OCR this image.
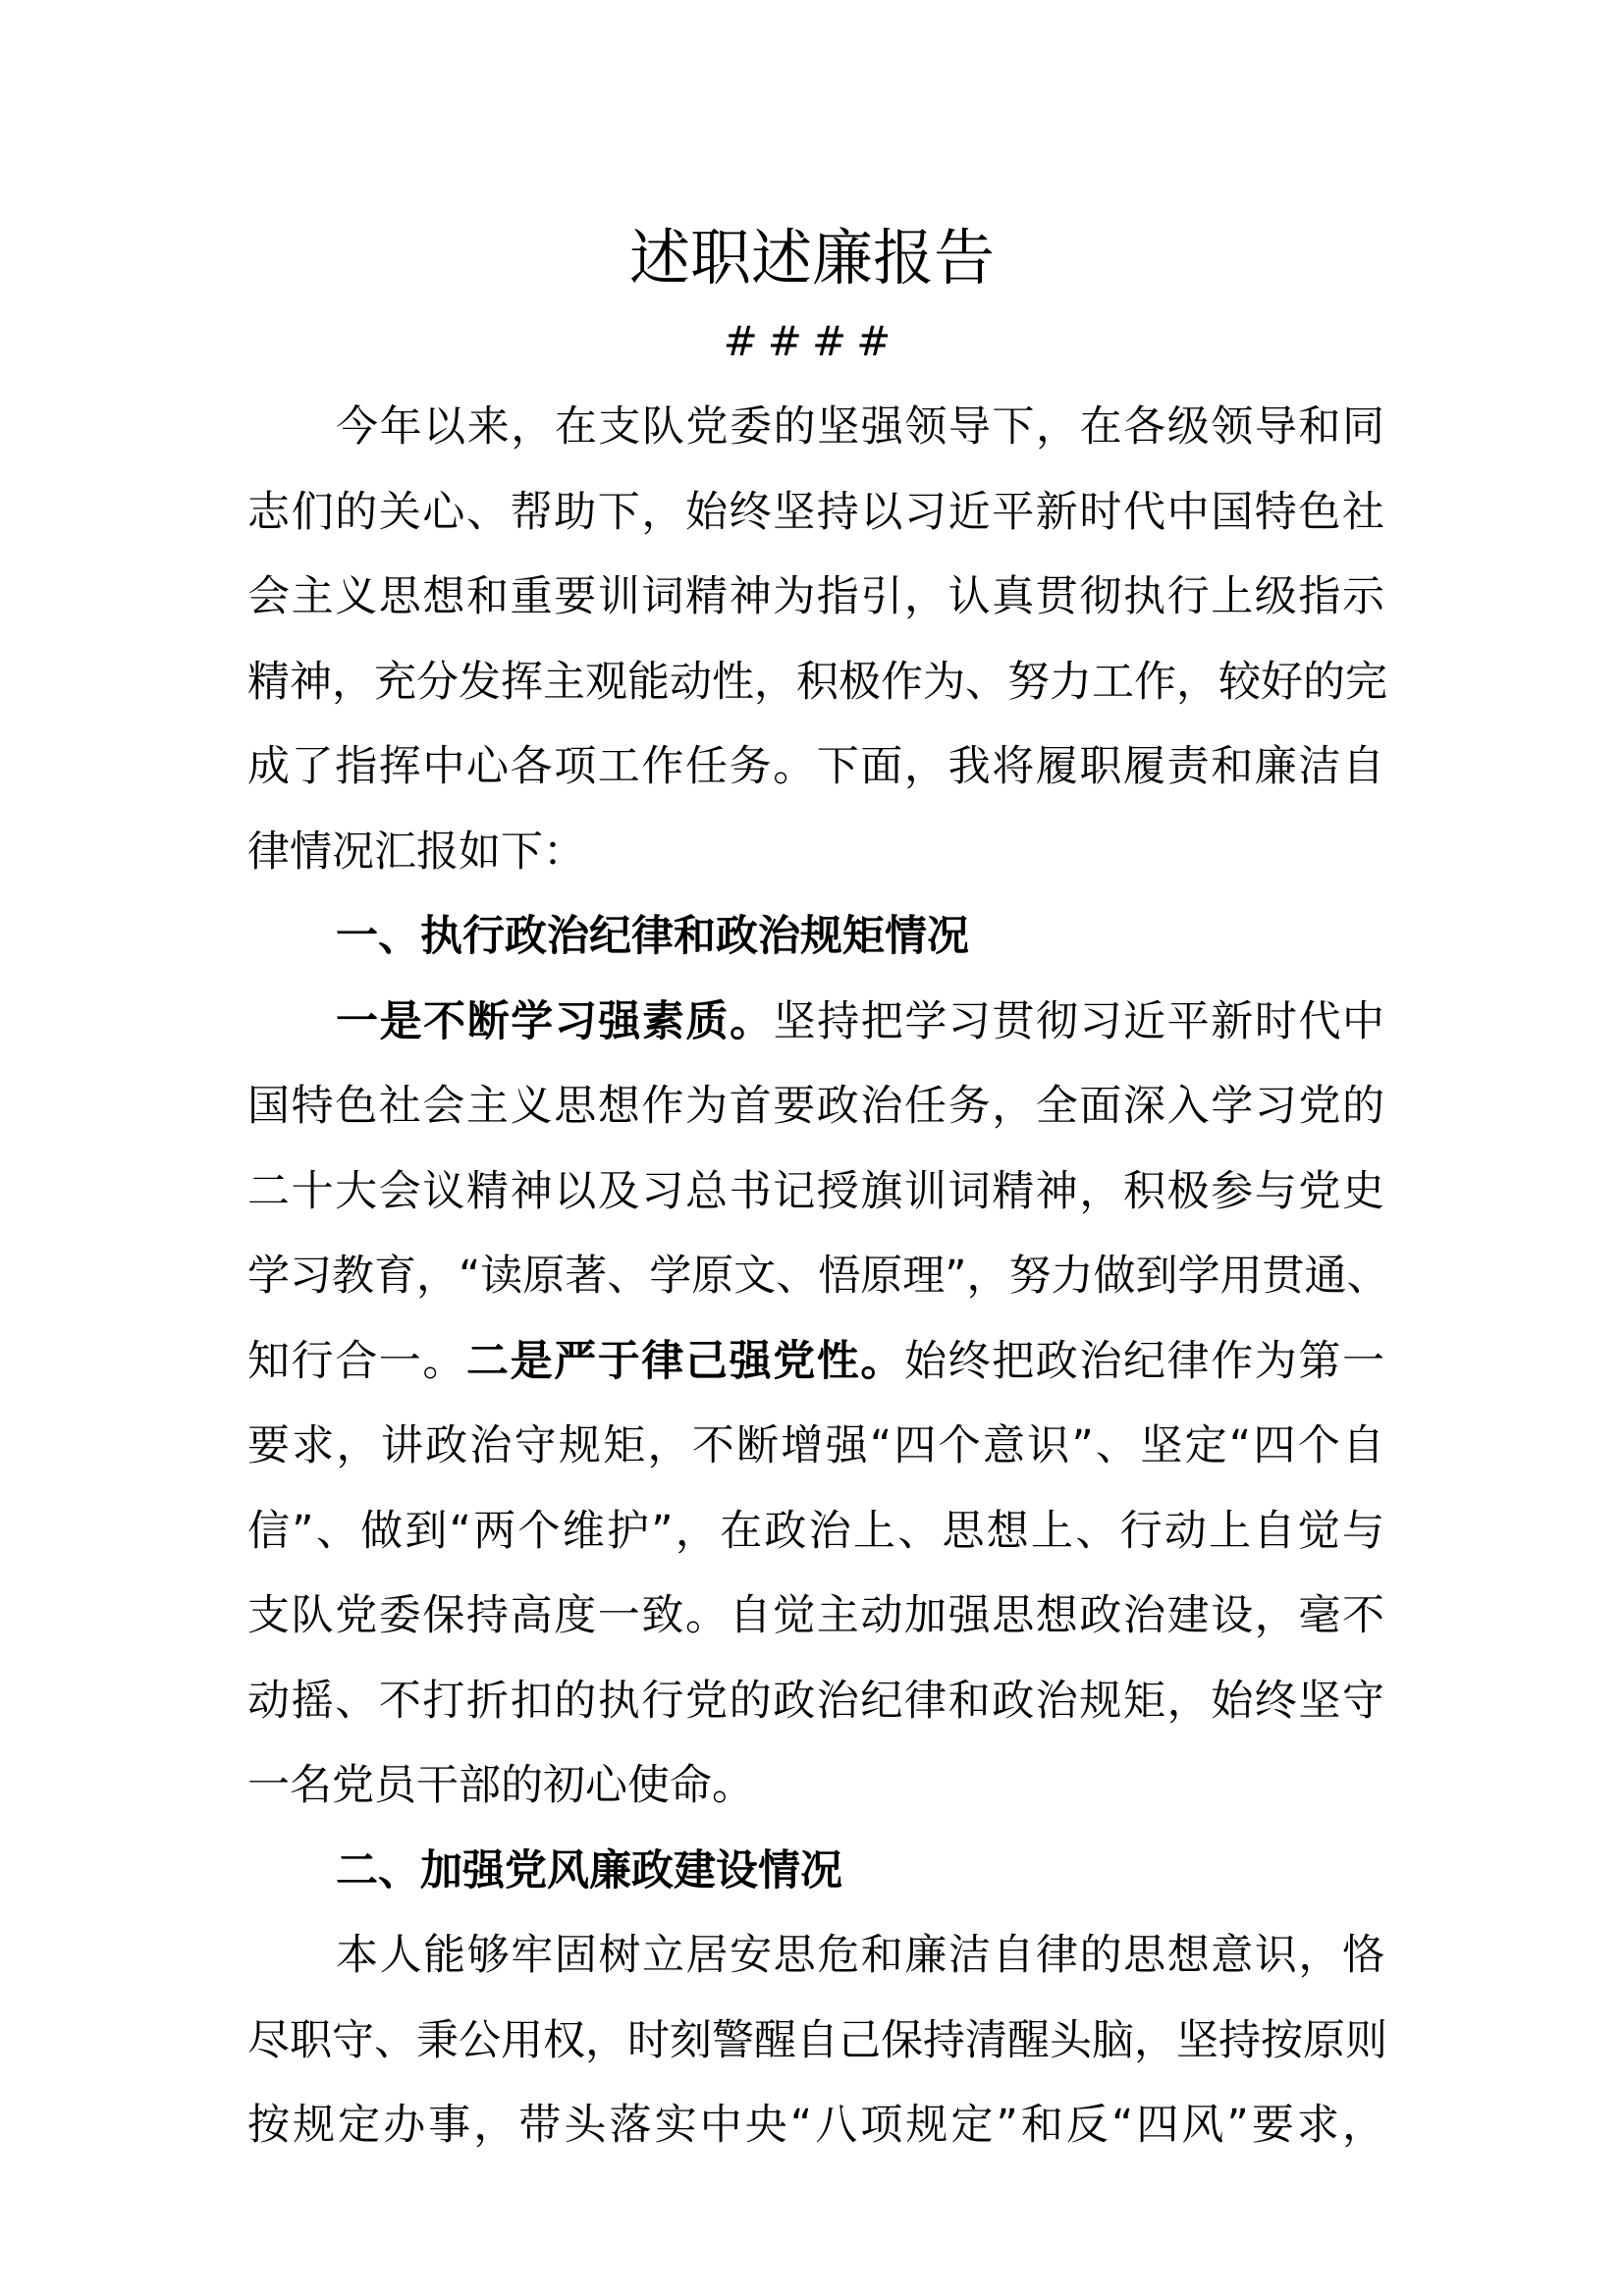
述职述廉报告
####
今年以来，在支队党委的坚强领导下，在各级领导和同
志们的关心、帮助下，始终坚持以习近平新时代中国特色社
会主义思想和重要训词精神为指引，认真贯彻执行上级指示
精神，充分发挥主观能动性，积极作为、努力工作，较好的完
成了指挥中心各项工作任务。下面，我将履职履责和廉洁自
律情况汇报如下：
一、执行政治纪律和政治规矩情况
一是不断学习强素质。坚持把学习贯彻习近平新时代中
国特色社会主义思想作为首要政治任务，全面深入学习党的
二十大会议精神以及习总书记授旗训词精神，积极参与党史
学习教育，“读原著、学原文、悟原理”，努力做到学用贯通、
知行合一。二是严于律己强党性。始终把政治纪律作为第一
要求，讲政治守规矩，不断增强“四个意识”、坚定“四个自
信”、做到“两个维护”，在政治上、思想上、行动上自觉与
支队党委保持高度一致。自觉主动加强思想政治建设，毫不
动摇、不打折扣的执行党的政治纪律和政治规矩，始终坚守
一名党员干部的初心使命。
二、加强党风廉政建设情况
本人能够牢固树立居安思危和廉洁自律的思想意识，恪
尽职守、秉公用权，时刻警醒自己保持清醒头脑，坚持按原则
按规定办事，带头落实中央“八项规定”和反“四风”要求，
